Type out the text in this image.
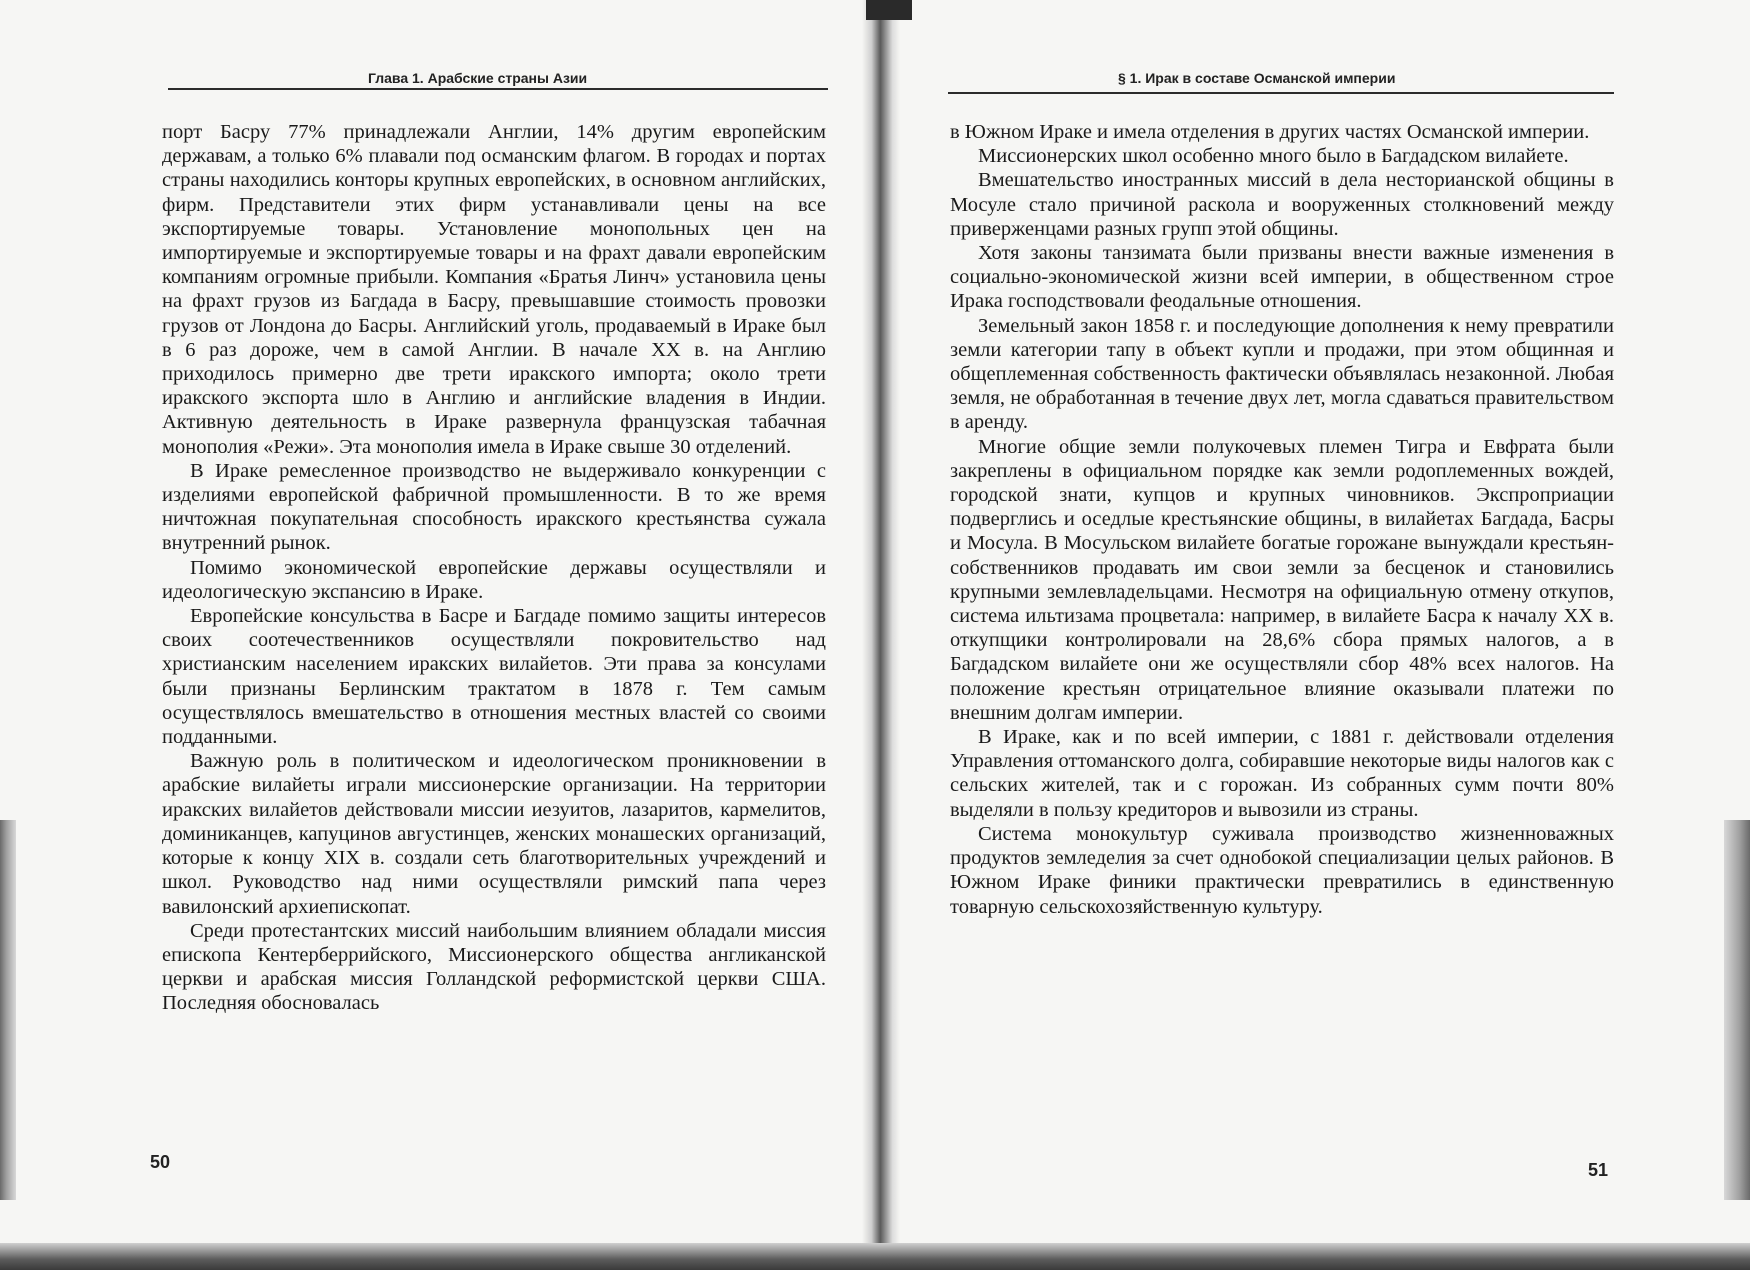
Глава 1. Арабские страны Азии

порт Басру 77% принадлежали Англии, 14% другим европейским державам, а только 6% плавали под османским флагом. В городах и портах страны находились конторы крупных европейских, в основном английских, фирм. Представители этих фирм устанавливали цены на все экспортируемые товары. Установление монопольных цен на импортируемые и экспортируемые товары и на фрахт давали европейским компаниям огромные прибыли. Компания «Братья Линч» установила цены на фрахт грузов из Багдада в Басру, превышавшие стоимость провозки грузов от Лондона до Басры. Английский уголь, продаваемый в Ираке был в 6 раз дороже, чем в самой Англии. В начале XX в. на Англию приходилось примерно две трети иракского импорта; около трети иракского экспорта шло в Англию и английские владения в Индии. Активную деятельность в Ираке развернула французская табачная монополия «Режи». Эта монополия имела в Ираке свыше 30 отделений.

В Ираке ремесленное производство не выдерживало конкуренции с изделиями европейской фабричной промышленности. В то же время ничтожная покупательная способность иракского крестьянства сужала внутренний рынок.

Помимо экономической европейские державы осуществляли и идеологическую экспансию в Ираке.

Европейские консульства в Басре и Багдаде помимо защиты интересов своих соотечественников осуществляли покровительство над христианским населением иракских вилайетов. Эти права за консулами были признаны Берлинским трактатом в 1878 г. Тем самым осуществлялось вмешательство в отношения местных властей со своими подданными.

Важную роль в политическом и идеологическом проникновении в арабские вилайеты играли миссионерские организации. На территории иракских вилайетов действовали миссии иезуитов, лазаритов, кармелитов, доминиканцев, капуцинов августинцев, женских монашеских организаций, которые к концу XIX в. создали сеть благотворительных учреждений и школ. Руководство над ними осуществляли римский папа через вавилонский архиепископат.

Среди протестантских миссий наибольшим влиянием обладали миссия епископа Кентерберрийского, Миссионерского общества англиканской церкви и арабская миссия Голландской реформистской церкви США. Последняя обосновалась

50
§ 1. Ирак в составе Османской империи

в Южном Ираке и имела отделения в других частях Османской империи.

Миссионерских школ особенно много было в Багдадском вилайете.

Вмешательство иностранных миссий в дела несторианской общины в Мосуле стало причиной раскола и вооруженных столкновений между приверженцами разных групп этой общины.

Хотя законы танзимата были призваны внести важные изменения в социально-экономической жизни всей империи, в общественном строе Ирака господствовали феодальные отношения.

Земельный закон 1858 г. и последующие дополнения к нему превратили земли категории тапу в объект купли и продажи, при этом общинная и общеплеменная собственность фактически объявлялась незаконной. Любая земля, не обработанная в течение двух лет, могла сдаваться правительством в аренду.

Многие общие земли полукочевых племен Тигра и Евфрата были закреплены в официальном порядке как земли родоплеменных вождей, городской знати, купцов и крупных чиновников. Экспроприации подверглись и оседлые крестьянские общины, в вилайетах Багдада, Басры и Мосула. В Мосульском вилайете богатые горожане вынуждали крестьян-собственников продавать им свои земли за бесценок и становились крупными землевладельцами. Несмотря на официальную отмену откупов, система ильтизама процветала: например, в вилайете Басра к началу XX в. откупщики контролировали на 28,6% сбора прямых налогов, а в Багдадском вилайете они же осуществляли сбор 48% всех налогов. На положение крестьян отрицательное влияние оказывали платежи по внешним долгам империи.

В Ираке, как и по всей империи, с 1881 г. действовали отделения Управления оттоманского долга, собиравшие некоторые виды налогов как с сельских жителей, так и с горожан. Из собранных сумм почти 80% выделяли в пользу кредиторов и вывозили из страны.

Система монокультур суживала производство жизненноважных продуктов земледелия за счет однобокой специализации целых районов. В Южном Ираке финики практически превратились в единственную товарную сельскохозяйственную культуру.

51
